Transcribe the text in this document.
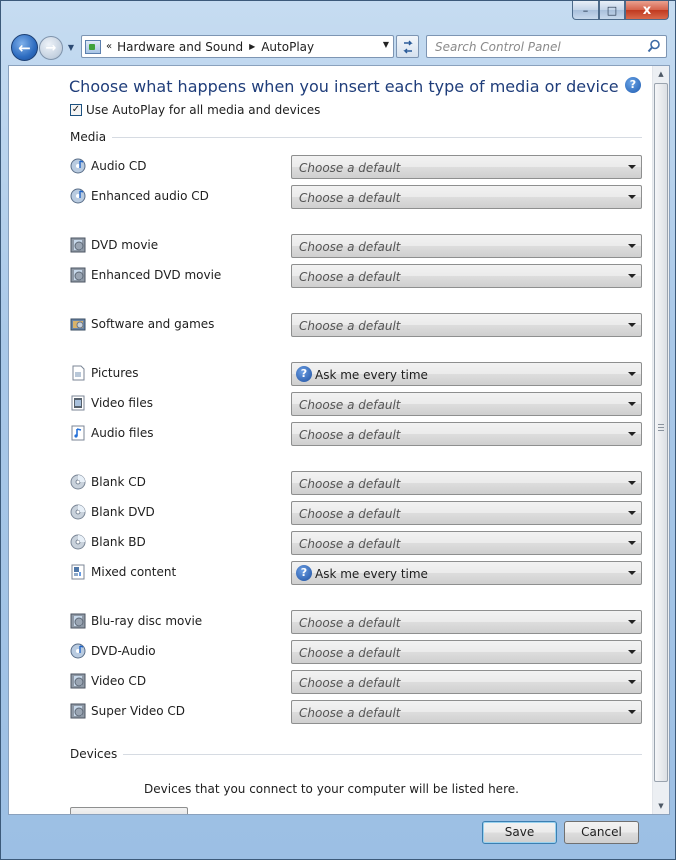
–	□	x
←	→	▼	« Hardware and Sound ▶ AutoPlay	▼	Search Control Panel
Choose what happens when you insert each type of media or device	?
✓ Use AutoPlay for all media and devices
Media
Audio CD	Choose a default
Enhanced audio CD	Choose a default
DVD movie	Choose a default
Enhanced DVD movie	Choose a default
Software and games	Choose a default
Pictures	? Ask me every time
Video files	Choose a default
Audio files	Choose a default
Blank CD	Choose a default
Blank DVD	Choose a default
Blank BD	Choose a default
Mixed content	? Ask me every time
Blu-ray disc movie	Choose a default
DVD-Audio	Choose a default
Video CD	Choose a default
Super Video CD	Choose a default
Devices
Devices that you connect to your computer will be listed here.
▲
▼
Save	Cancel
